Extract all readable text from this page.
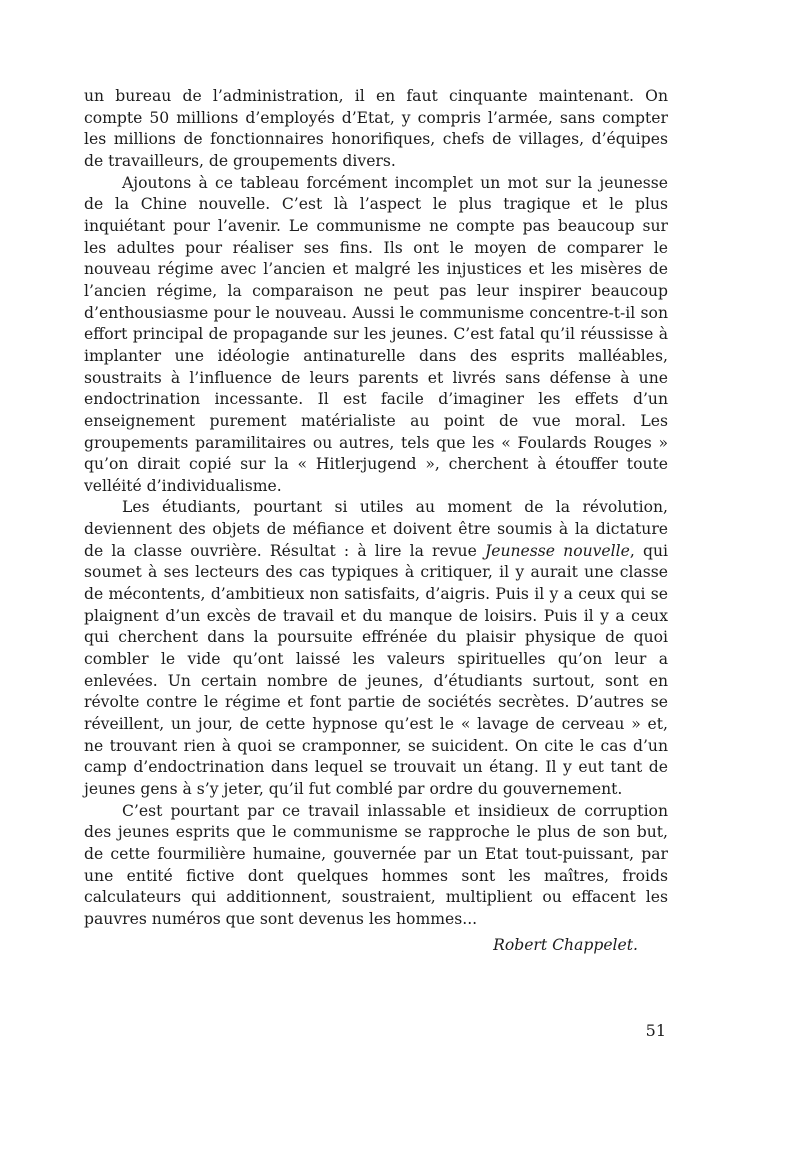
un bureau de l’administration, il en faut cinquante maintenant. On compte 50 millions d’employés d’Etat, y compris l’armée, sans compter les millions de fonctionnaires honorifiques, chefs de villages, d’équipes de travailleurs, de groupements divers.

Ajoutons à ce tableau forcément incomplet un mot sur la jeunesse de la Chine nouvelle. C’est là l’aspect le plus tragique et le plus inquiétant pour l’avenir. Le communisme ne compte pas beaucoup sur les adultes pour réaliser ses fins. Ils ont le moyen de comparer le nouveau régime avec l’ancien et malgré les injustices et les misères de l’ancien régime, la comparaison ne peut pas leur inspirer beaucoup d’enthousiasme pour le nouveau. Aussi le communisme concentre-t-il son effort principal de propagande sur les jeunes. C’est fatal qu’il réussisse à implanter une idéologie antinaturelle dans des esprits malléables, soustraits à l’influence de leurs parents et livrés sans défense à une endoctrination incessante. Il est facile d’imaginer les effets d’un enseignement purement matérialiste au point de vue moral. Les groupements paramilitaires ou autres, tels que les « Foulards Rouges » qu’on dirait copié sur la « Hitlerjugend », cherchent à étouffer toute velléité d’individualisme.

Les étudiants, pourtant si utiles au moment de la révolution, deviennent des objets de méfiance et doivent être soumis à la dictature de la classe ouvrière. Résultat : à lire la revue Jeunesse nouvelle, qui soumet à ses lecteurs des cas typiques à critiquer, il y aurait une classe de mécontents, d’ambitieux non satisfaits, d’aigris. Puis il y a ceux qui se plaignent d’un excès de travail et du manque de loisirs. Puis il y a ceux qui cherchent dans la poursuite effrénée du plaisir physique de quoi combler le vide qu’ont laissé les valeurs spirituelles qu’on leur a enlevées. Un certain nombre de jeunes, d’étudiants surtout, sont en révolte contre le régime et font partie de sociétés secrètes. D’autres se réveillent, un jour, de cette hypnose qu’est le « lavage de cerveau » et, ne trouvant rien à quoi se cramponner, se suicident. On cite le cas d’un camp d’endoctrination dans lequel se trouvait un étang. Il y eut tant de jeunes gens à s’y jeter, qu’il fut comblé par ordre du gouvernement.

C’est pourtant par ce travail inlassable et insidieux de corruption des jeunes esprits que le communisme se rapproche le plus de son but, de cette fourmilière humaine, gouvernée par un Etat tout-puissant, par une entité fictive dont quelques hommes sont les maîtres, froids calculateurs qui additionnent, soustraient, multiplient ou effacent les pauvres numéros que sont devenus les hommes...

Robert Chappelet.

51
